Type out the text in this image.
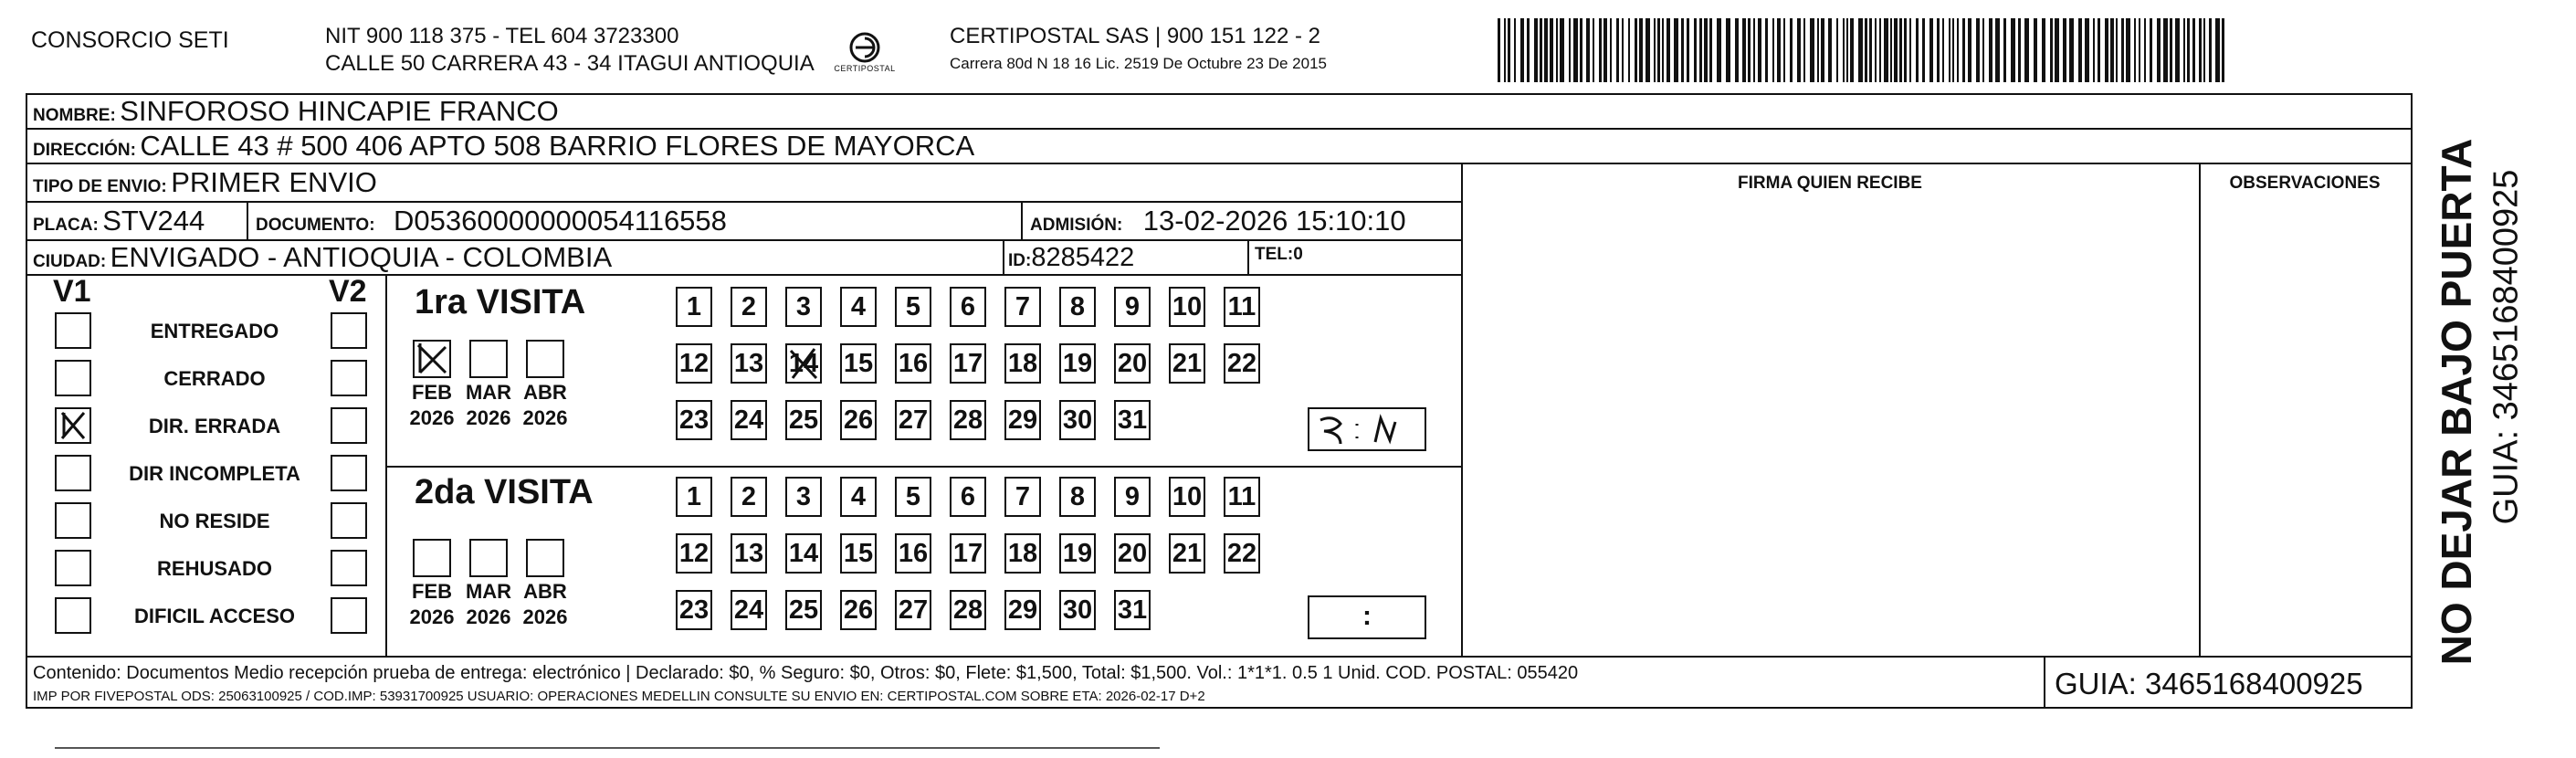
CONSORCIO SETI	NIT 900 118 375 - TEL 604 3723300
CALLE 50 CARRERA 43 - 34 ITAGUI ANTIOQUIA CERTIPOSTAL
CERTIPOSTAL SAS | 900 151 122 - 2
Carrera 80d N 18 16 Lic. 2519 De Octubre 23 De 2015
NOMBRE: SINFOROSO HINCAPIE FRANCO
DIRECCIÓN: CALLE 43 # 500 406 APTO 508 BARRIO FLORES DE MAYORCA
TIPO DE ENVIO: PRIMER ENVIO	FIRMA QUIEN RECIBE	OBSERVACIONES
PLACA: STV244	DOCUMENTO: D05360000000054116558	ADMISIÓN: 13-02-2026 15:10:10
CIUDAD: ENVIGADO - ANTIOQUIA - COLOMBIA	ID:8285422	TEL:0
V1	V2
ENTREGADO
CERRADO
DIR. ERRADA
DIR INCOMPLETA
NO RESIDE
REHUSADO
DIFICIL ACCESO
1ra VISITA
2da VISITA
FEB
2026
MAR
2026
ABR
2026
FEB
2026
MAR
2026
ABR
2026
1	2	3	4	5	6	7	8	9	10 11
12 13 14 15 16 17 18 19 20 21 22
23 24 25 26 27 28 29 30 31
1	2	3	4	5	6	7	8	9	10 11
12 13 14 15 16 17 18 19 20 21 22
23 24 25 26 27 28 29 30 31	:
Contenido: Documentos Medio recepción prueba de entrega: electrónico | Declarado: $0, % Seguro: $0, Otros: $0, Flete: $1,500, Total: $1,500. Vol.: 1*1*1. 0.5 1 Unid. COD. POSTAL: 055420
IMP POR FIVEPOSTAL ODS: 25063100925 / COD.IMP: 53931700925 USUARIO: OPERACIONES MEDELLIN CONSULTE SU ENVIO EN: CERTIPOSTAL.COM SOBRE ETA: 2026-02-17 D+2	GUIA: 3465168400925
NO DEJAR BAJO PUERTA GUIA: 3465168400925
